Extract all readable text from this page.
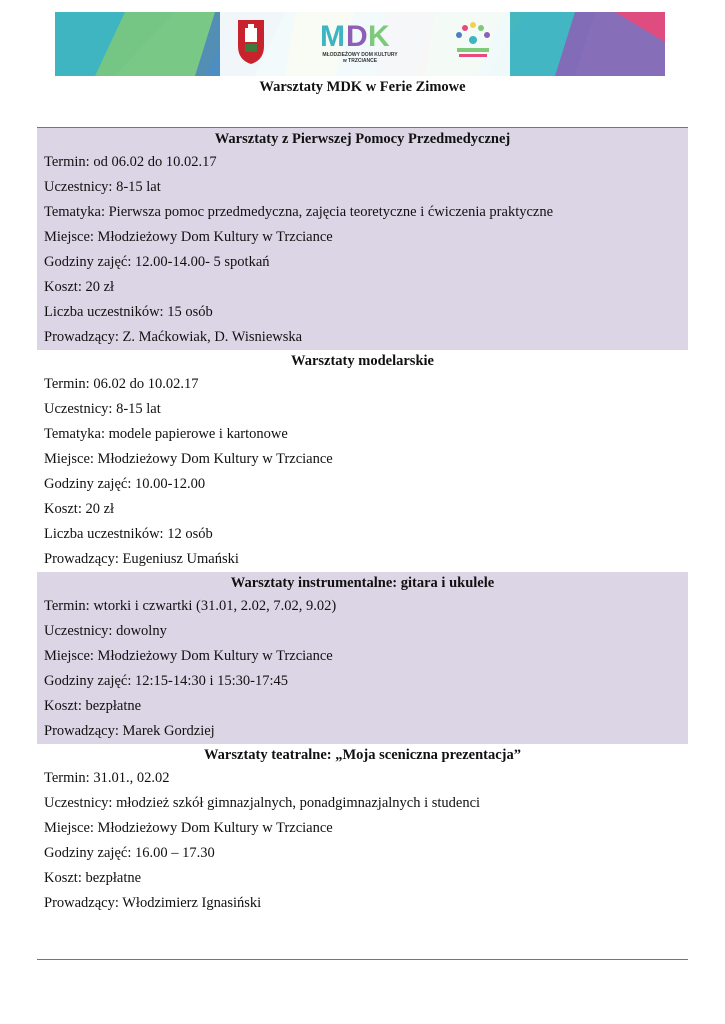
M D K
MŁODZIEŻOWY DOM KULTURY
w TRZCIANCE
Warsztaty MDK w Ferie Zimowe
Warsztaty z Pierwszej Pomocy Przedmedycznej
Termin: od 06.02 do 10.02.17
Uczestnicy: 8-15 lat
Tematyka: Pierwsza pomoc przedmedyczna, zajęcia teoretyczne i ćwiczenia praktyczne
Miejsce: Młodzieżowy Dom Kultury w Trzciance
Godziny zajęć: 12.00-14.00- 5 spotkań
Koszt: 20 zł
Liczba uczestników: 15 osób
Prowadzący: Z. Maćkowiak, D. Wisniewska
Warsztaty modelarskie
Termin: 06.02 do 10.02.17
Uczestnicy: 8-15 lat
Tematyka: modele papierowe i kartonowe
Miejsce: Młodzieżowy Dom Kultury w Trzciance
Godziny zajęć: 10.00-12.00
Koszt: 20 zł
Liczba uczestników: 12 osób
Prowadzący: Eugeniusz Umański
Warsztaty instrumentalne: gitara i ukulele
Termin: wtorki i czwartki (31.01, 2.02, 7.02, 9.02)
Uczestnicy: dowolny
Miejsce: Młodzieżowy Dom Kultury w Trzciance
Godziny zajęć: 12:15-14:30 i 15:30-17:45
Koszt: bezpłatne
Prowadzący: Marek Gordziej
Warsztaty teatralne: „Moja sceniczna prezentacja”
Termin: 31.01., 02.02
Uczestnicy: młodzież szkół gimnazjalnych, ponadgimnazjalnych i studenci
Miejsce: Młodzieżowy Dom Kultury w Trzciance
Godziny zajęć: 16.00 – 17.30
Koszt: bezpłatne
Prowadzący: Włodzimierz Ignasiński
